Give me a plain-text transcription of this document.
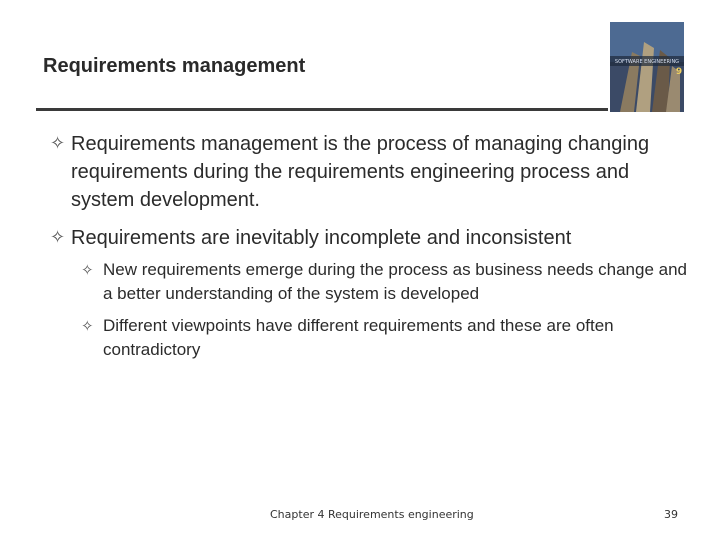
Requirements management	SOFTWARE ENGINEERING
9
✧ Requirements management is the process of managing changing requirements during the requirements engineering process and system development.
✧ Requirements are inevitably incomplete and inconsistent
✧ New requirements emerge during the process as business needs change and a better understanding of the system is developed
✧ Different viewpoints have different requirements and these are often contradictory
Chapter 4 Requirements engineering	39
